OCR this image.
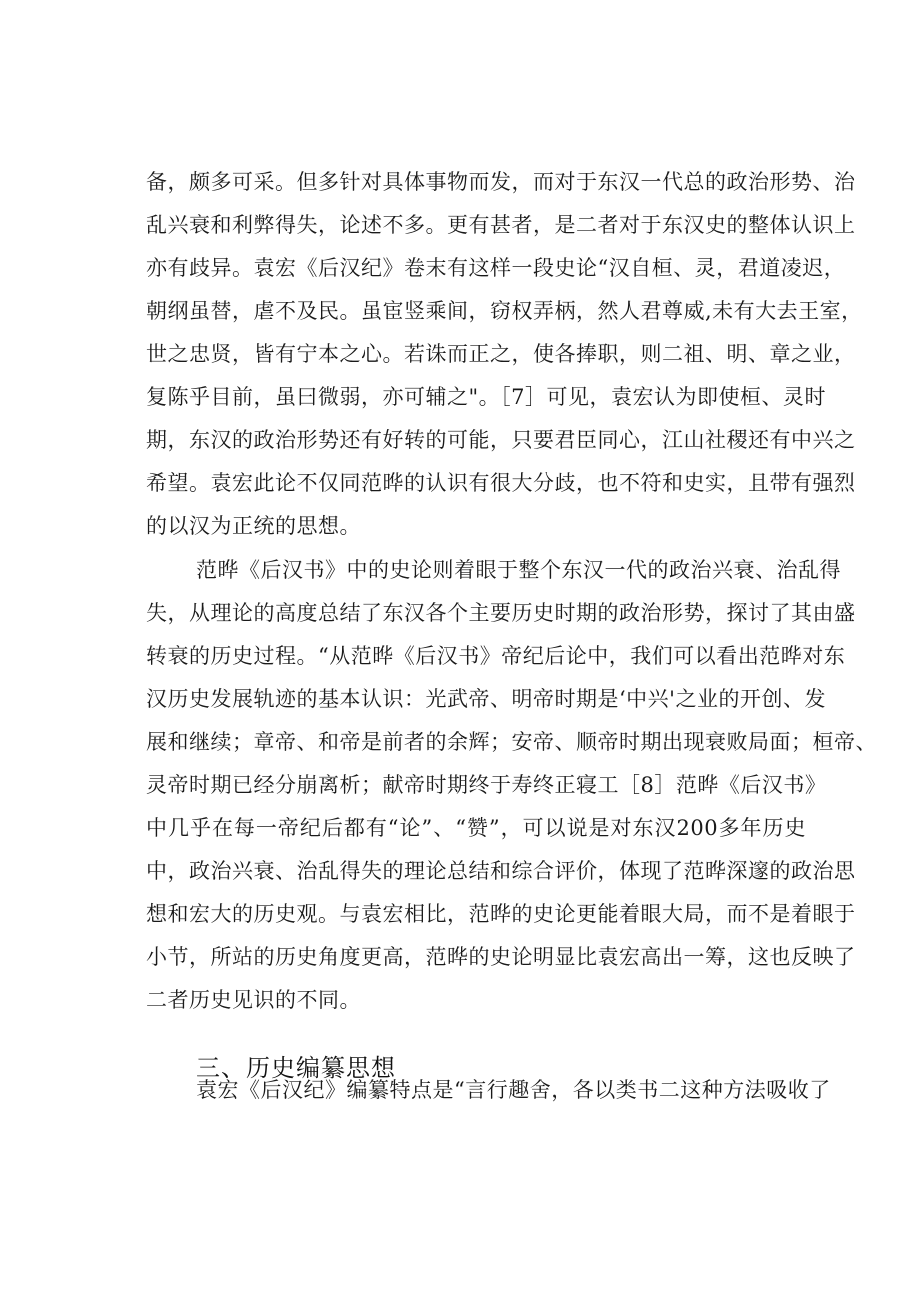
备，颇多可采。但多针对具体事物而发，而对于东汉一代总的政治形势、治
乱兴衰和利弊得失，论述不多。更有甚者，是二者对于东汉史的整体认识上
亦有歧异。袁宏《后汉纪》卷末有这样一段史论“汉自桓、灵，君道凌迟，
朝纲虽替，虐不及民。虽宦竖乘间，窃权弄柄，然人君尊威,未有大去王室，
世之忠贤，皆有宁本之心。若诛而正之，使各捧职，则二祖、明、章之业，
复陈乎目前，虽曰微弱，亦可辅之"。［7］可见，袁宏认为即使桓、灵时
期，东汉的政治形势还有好转的可能，只要君臣同心，江山社稷还有中兴之
希望。袁宏此论不仅同范晔的认识有很大分歧，也不符和史实，且带有强烈
的以汉为正统的思想。
范晔《后汉书》中的史论则着眼于整个东汉一代的政治兴衰、治乱得
失，从理论的高度总结了东汉各个主要历史时期的政治形势，探讨了其由盛
转衰的历史过程。“从范晔《后汉书》帝纪后论中，我们可以看出范晔对东
汉历史发展轨迹的基本认识：光武帝、明帝时期是‘中兴'之业的开创、发
展和继续；章帝、和帝是前者的余辉；安帝、顺帝时期出现衰败局面；桓帝、
灵帝时期已经分崩离析；献帝时期终于寿终正寝工［8］范晔《后汉书》
中几乎在每一帝纪后都有“论”、“赞”，可以说是对东汉200多年历史
中，政治兴衰、治乱得失的理论总结和综合评价，体现了范晔深邃的政治思
想和宏大的历史观。与袁宏相比，范晔的史论更能着眼大局，而不是着眼于
小节，所站的历史角度更高，范晔的史论明显比袁宏高出一筹，这也反映了
二者历史见识的不同。
三、历史编纂思想
袁宏《后汉纪》编纂特点是“言行趣舍，各以类书二这种方法吸收了
